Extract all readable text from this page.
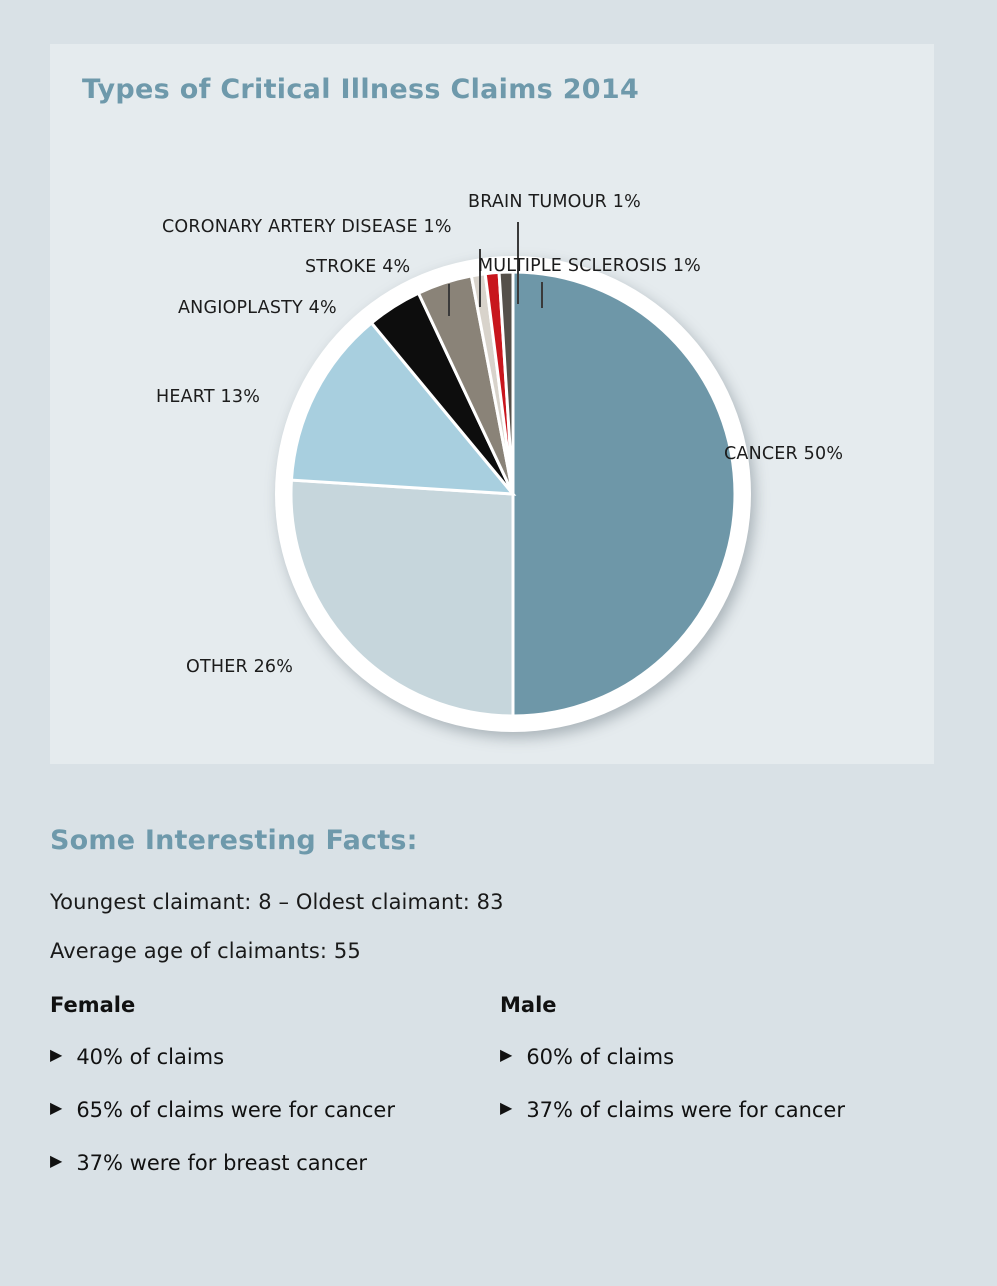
Types of Critical Illness Claims 2014
BRAIN TUMOUR 1%
CORONARY ARTERY DISEASE 1%
MULTIPLE SCLEROSIS 1%
STROKE 4%
ANGIOPLASTY 4%
HEART 13%
CANCER 50%
OTHER 26%
Some Interesting Facts:
Youngest claimant: 8 – Oldest claimant: 83
Average age of claimants: 55
Female
▶ 40% of claims
▶ 65% of claims were for cancer
▶ 37% were for breast cancer
Male
▶ 60% of claims
▶ 37% of claims were for cancer
